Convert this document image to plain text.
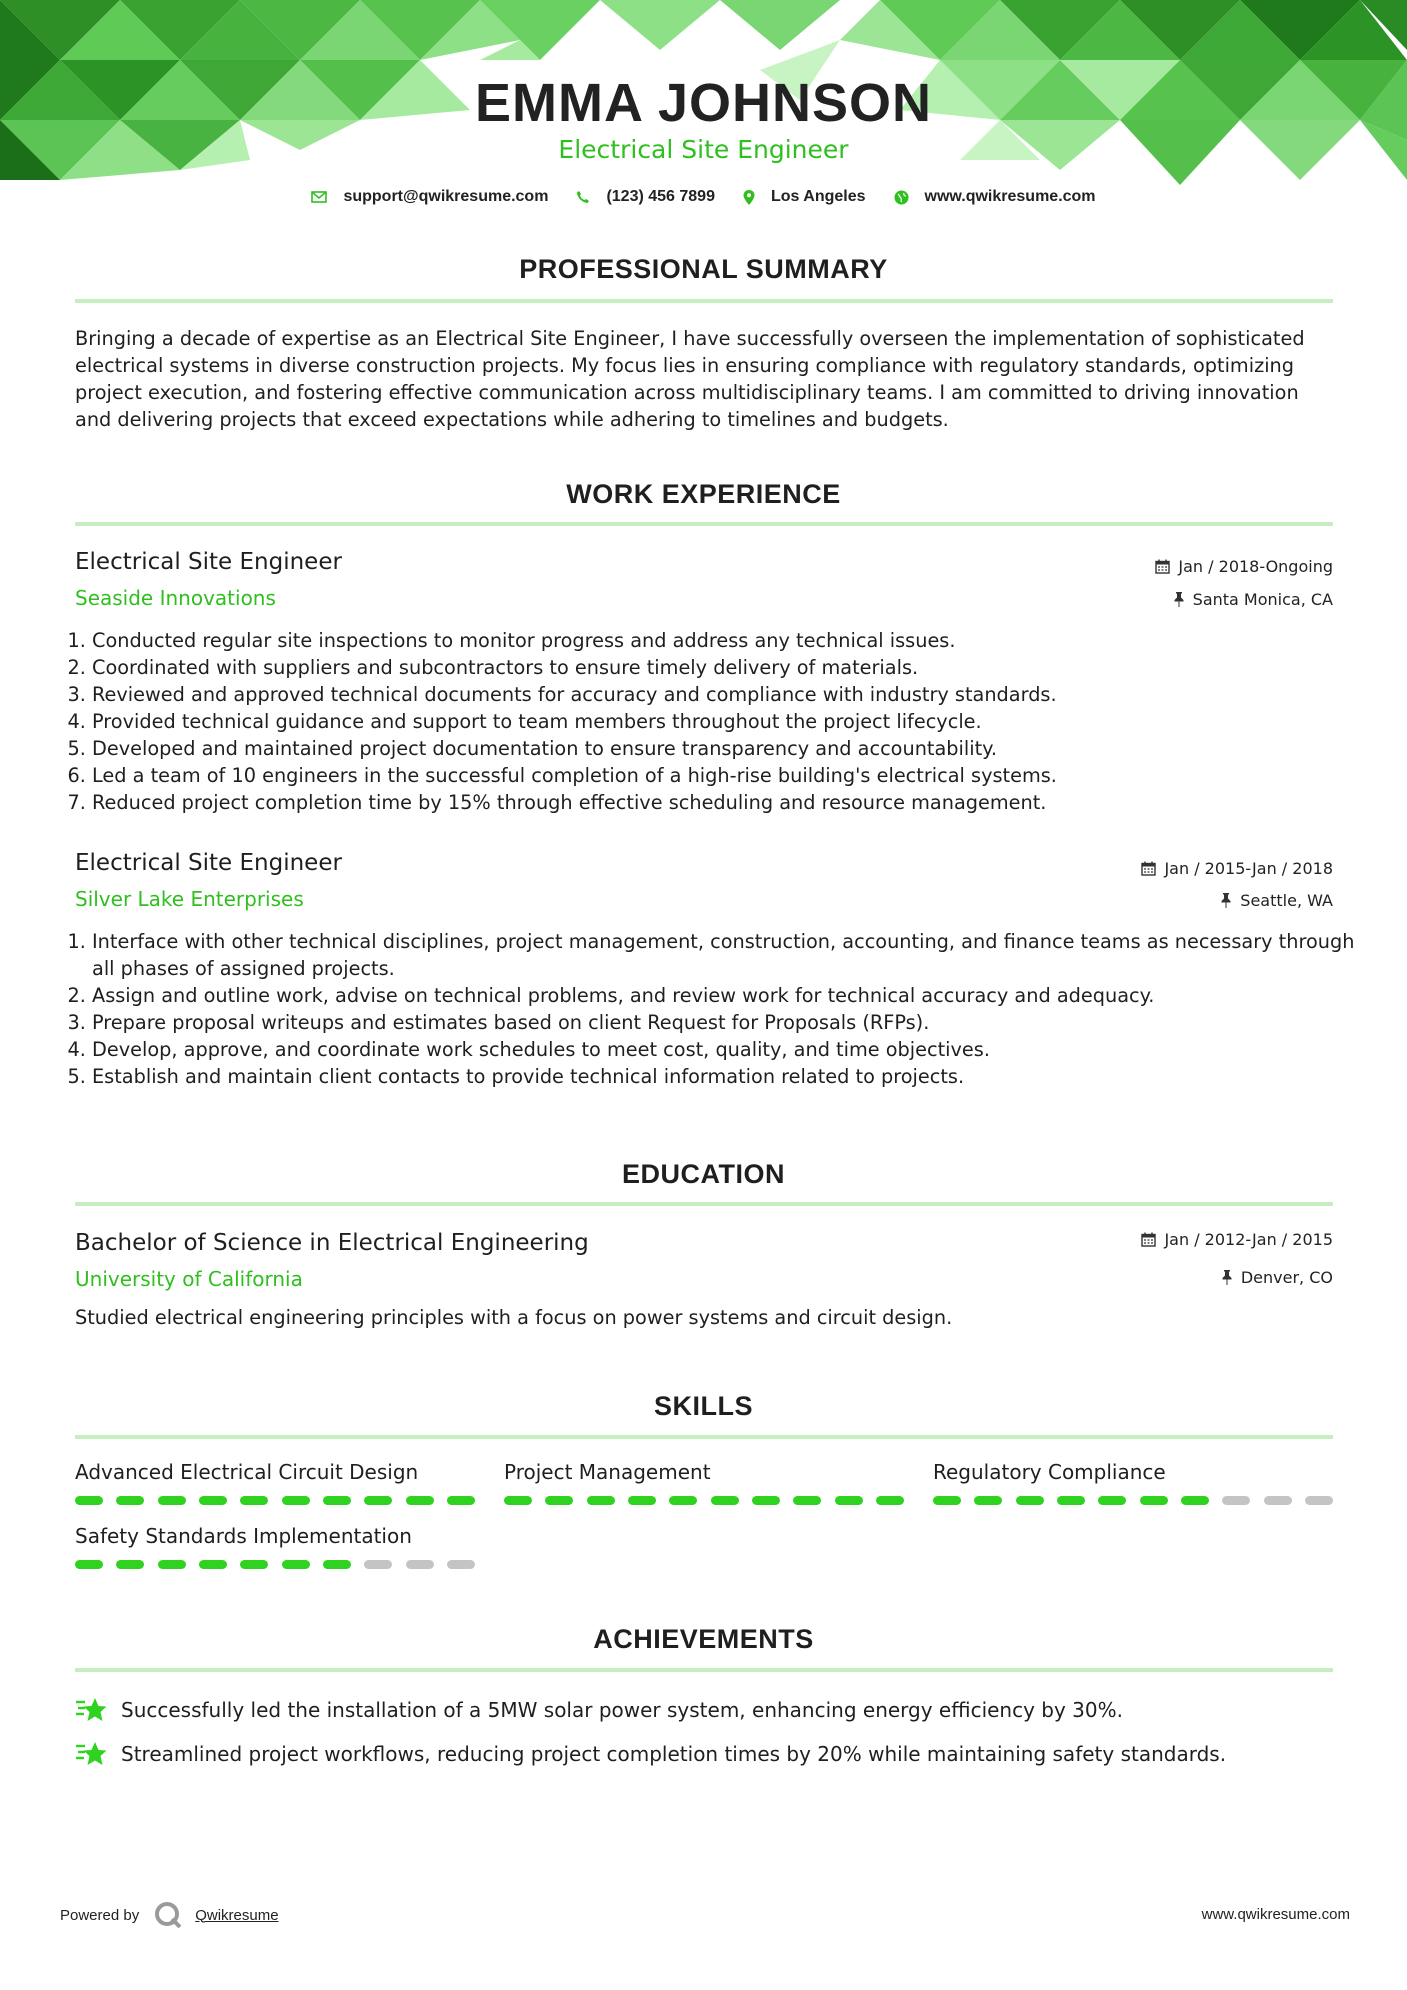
EMMA JOHNSON
Electrical Site Engineer
support@qwikresume.com	(123) 456 7899	Los Angeles	www.qwikresume.com
PROFESSIONAL SUMMARY
Bringing a decade of expertise as an Electrical Site Engineer, I have successfully overseen the implementation of sophisticated electrical systems in diverse construction projects. My focus lies in ensuring compliance with regulatory standards, optimizing project execution, and fostering effective communication across multidisciplinary teams. I am committed to driving innovation and delivering projects that exceed expectations while adhering to timelines and budgets.
WORK EXPERIENCE
Electrical Site Engineer
Seaside Innovations
Jan / 2018-Ongoing
Santa Monica, CA
1. Conducted regular site inspections to monitor progress and address any technical issues.
2. Coordinated with suppliers and subcontractors to ensure timely delivery of materials.
3. Reviewed and approved technical documents for accuracy and compliance with industry standards.
4. Provided technical guidance and support to team members throughout the project lifecycle.
5. Developed and maintained project documentation to ensure transparency and accountability.
6. Led a team of 10 engineers in the successful completion of a high-rise building's electrical systems.
7. Reduced project completion time by 15% through effective scheduling and resource management.
Electrical Site Engineer
Silver Lake Enterprises
Jan / 2015-Jan / 2018
Seattle, WA
1. Interface with other technical disciplines, project management, construction, accounting, and finance teams as necessary through all phases of assigned projects.
2. Assign and outline work, advise on technical problems, and review work for technical accuracy and adequacy.
3. Prepare proposal writeups and estimates based on client Request for Proposals (RFPs).
4. Develop, approve, and coordinate work schedules to meet cost, quality, and time objectives.
5. Establish and maintain client contacts to provide technical information related to projects.
EDUCATION
Bachelor of Science in Electrical Engineering
University of California
Jan / 2012-Jan / 2015
Denver, CO
Studied electrical engineering principles with a focus on power systems and circuit design.
SKILLS
Advanced Electrical Circuit Design	Project Management	Regulatory Compliance
Safety Standards Implementation
ACHIEVEMENTS
Successfully led the installation of a 5MW solar power system, enhancing energy efficiency by 30%.
Streamlined project workflows, reducing project completion times by 20% while maintaining safety standards.
Powered by	Qwikresume	www.qwikresume.com
